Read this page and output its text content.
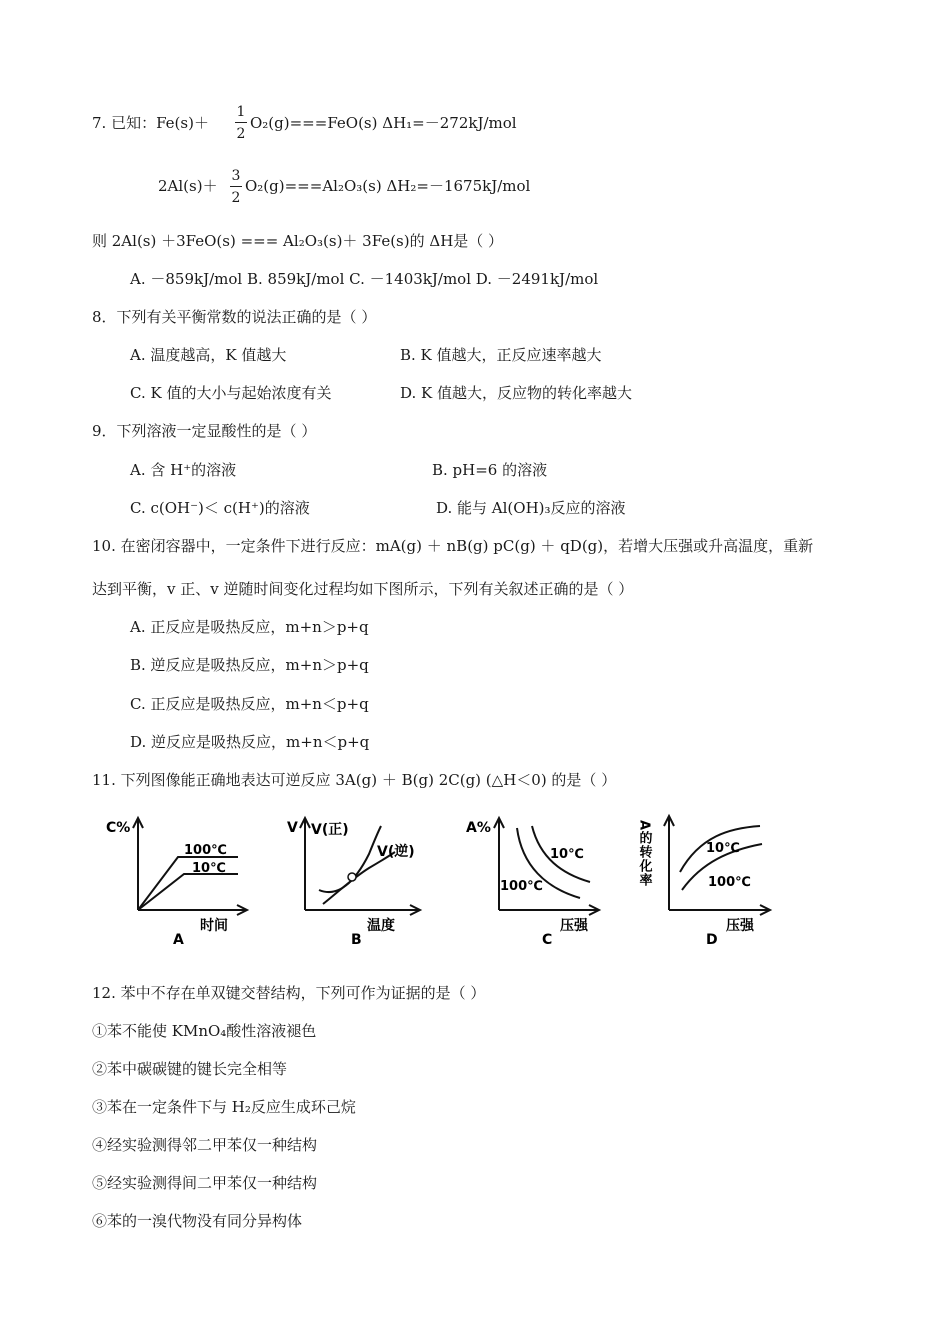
7. 已知：Fe(s)＋
1
2
O₂(g)===FeO(s) ΔH₁=－272kJ/mol
2Al(s)＋
3
2
O₂(g)===Al₂O₃(s) ΔH₂=－1675kJ/mol
则 2Al(s) ＋3FeO(s) === Al₂O₃(s)＋ 3Fe(s)的 ΔH是（ ）
A. －859kJ/mol B. 859kJ/mol C. －1403kJ/mol D. －2491kJ/mol
8．下列有关平衡常数的说法正确的是（ ）
A. 温度越高，K 值越大	B. K 值越大，正反应速率越大
C. K 值的大小与起始浓度有关	D. K 值越大，反应物的转化率越大
9．下列溶液一定显酸性的是（ ）
A. 含 H⁺的溶液	B. pH=6 的溶液
C. c(OH⁻)＜ c(H⁺)的溶液	D. 能与 Al(OH)₃反应的溶液
10. 在密闭容器中，一定条件下进行反应：mA(g) ＋ nB(g) pC(g) ＋ qD(g)，若增大压强或升高温度，重新
达到平衡，v 正、v 逆随时间变化过程均如下图所示，下列有关叙述正确的是（ ）
A. 正反应是吸热反应，m+n＞p+q
B. 逆反应是吸热反应，m+n＞p+q
C. 正反应是吸热反应，m+n＜p+q
D. 逆反应是吸热反应，m+n＜p+q
11. 下列图像能正确地表达可逆反应 3A(g) ＋ B(g) 2C(g) (△H＜0) 的是（ ）
C%
100℃
10℃
时间
A
V V(正)
V(逆)
温度
B
A%
10℃
100℃
压强
C
A的转化率	10℃
100℃
压强
D
12. 苯中不存在单双键交替结构，下列可作为证据的是（ ）
①苯不能使 KMnO₄酸性溶液褪色
②苯中碳碳键的键长完全相等
③苯在一定条件下与 H₂反应生成环己烷
④经实验测得邻二甲苯仅一种结构
⑤经实验测得间二甲苯仅一种结构
⑥苯的一溴代物没有同分异构体
